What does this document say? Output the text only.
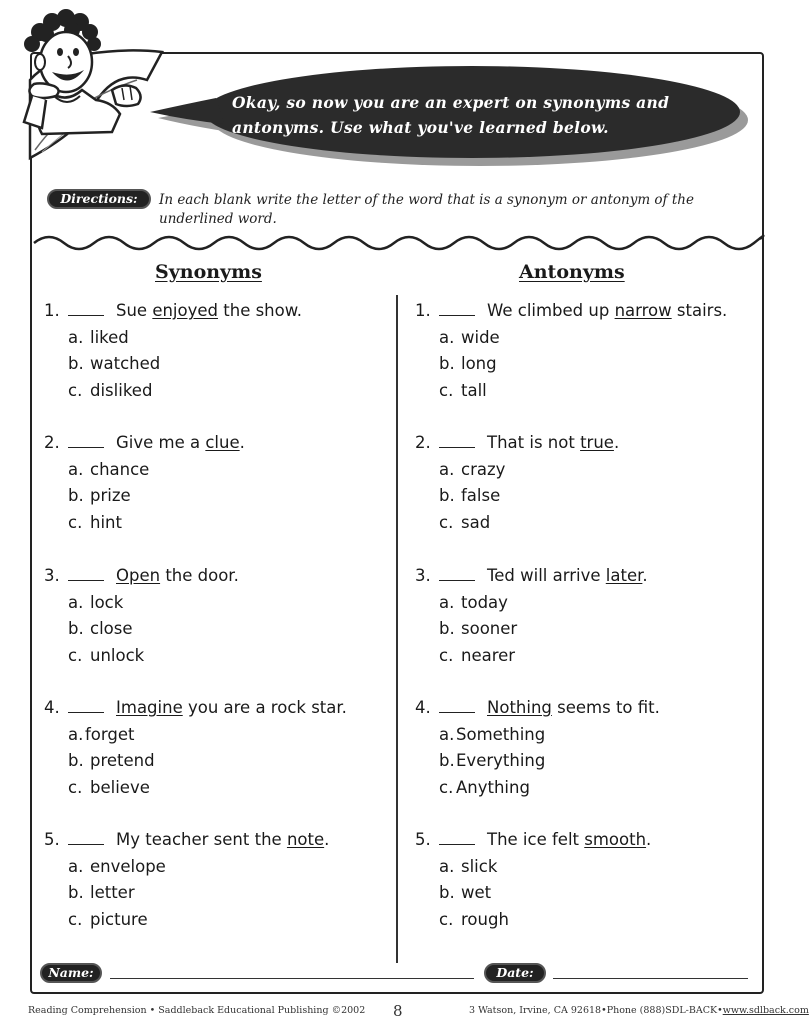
Okay, so now you are an expert on synonyms and
antonyms. Use what you've learned below.
Directions:	In each blank write the letter of the word that is a synonym or antonym of the underlined word.
Synonyms	Antonyms
1.	Sue enjoyed the show.
a. liked
b. watched
c. disliked
2.	Give me a clue.
a. chance
b. prize
c. hint
3.	Open the door.
a. lock
b. close
c. unlock
4.	Imagine you are a rock star.
a.forget
b. pretend
c. believe
5.	My teacher sent the note.
a. envelope
b. letter
c. picture
1.	We climbed up narrow stairs.
a. wide
b. long
c. tall
2.	That is not true.
a. crazy
b. false
c. sad
3.	Ted will arrive later.
a. today
b. sooner
c. nearer
4.	Nothing seems to fit.
a.Something
b.Everything
c. Anything
5.	The ice felt smooth.
a. slick
b. wet
c. rough
Name:	Date:
Reading Comprehension • Saddleback Educational Publishing ©2002 8	3 Watson, Irvine, CA 92618•Phone (888)SDL-BACK•www.sdlback.com
